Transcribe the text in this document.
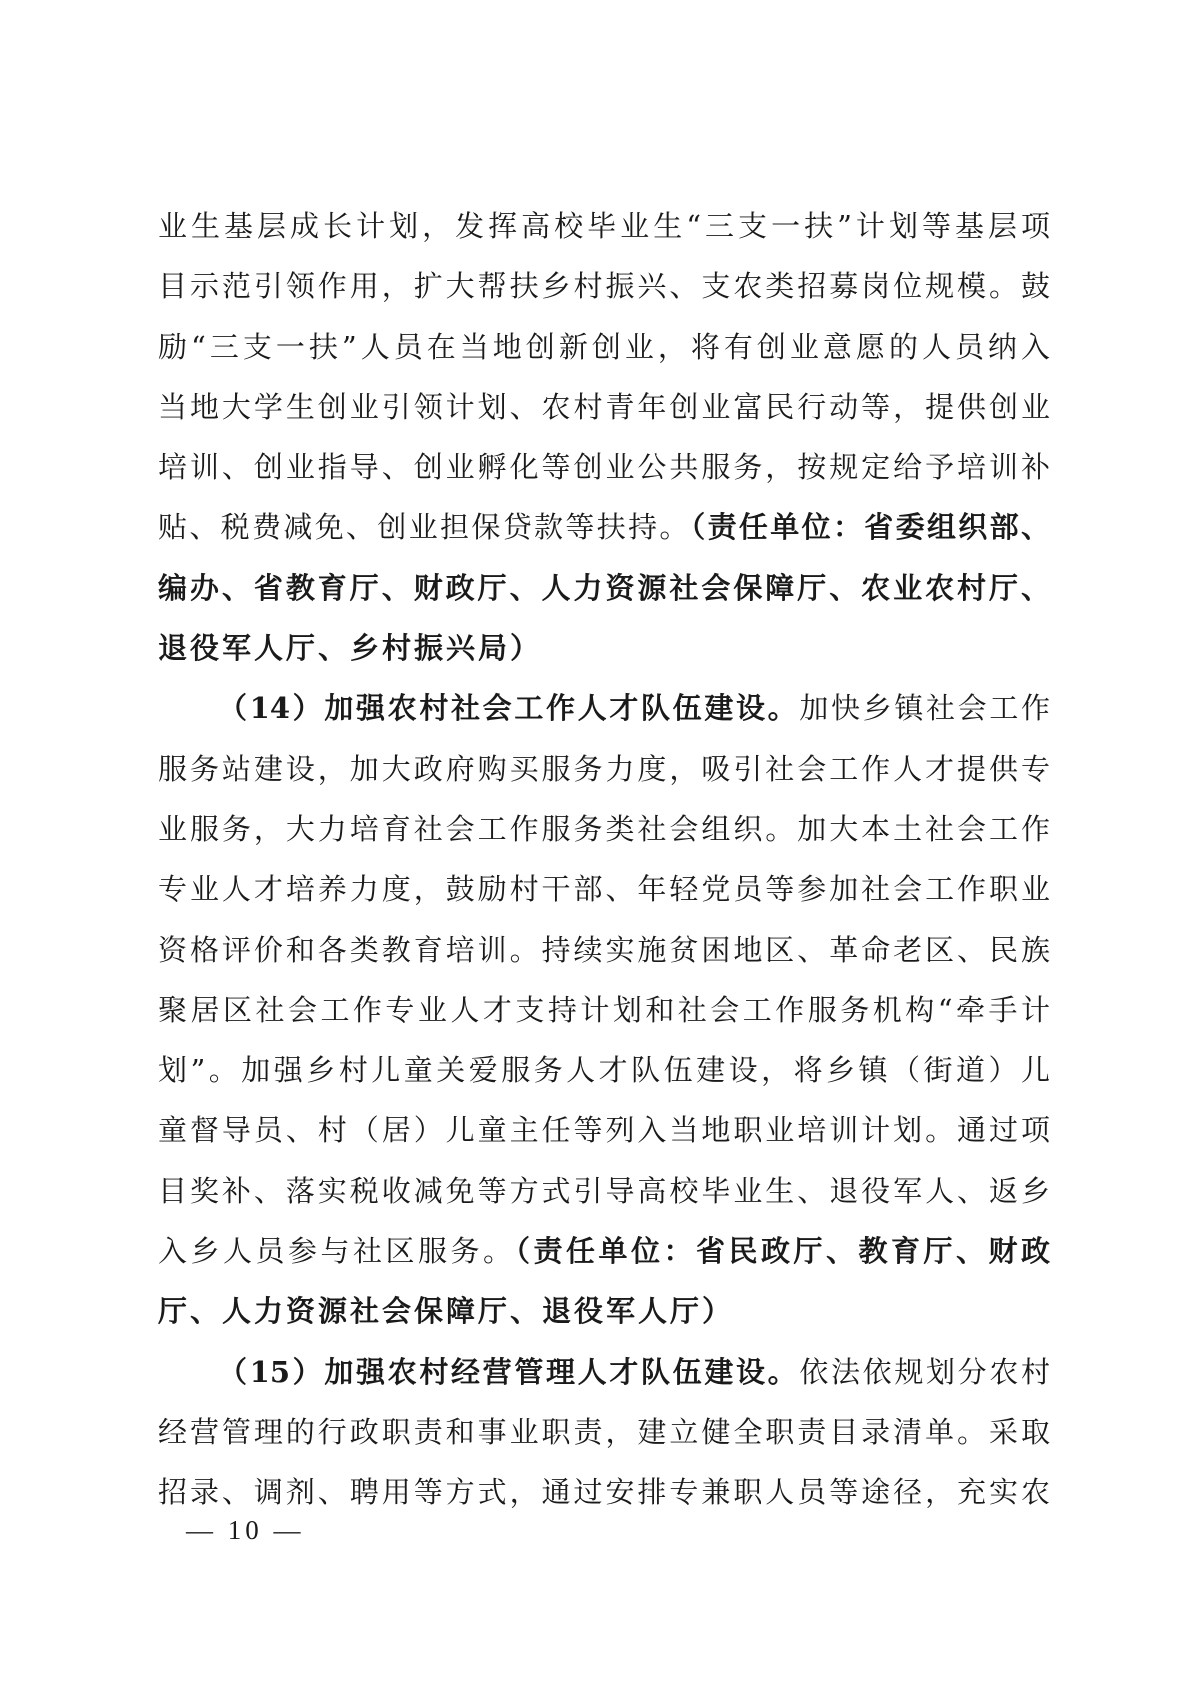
业生基层成长计划，发挥高校毕业生“三支一扶”计划等基层项
目示范引领作用，扩大帮扶乡村振兴、支农类招募岗位规模。鼓
励“三支一扶”人员在当地创新创业，将有创业意愿的人员纳入
当地大学生创业引领计划、农村青年创业富民行动等，提供创业
培训、创业指导、创业孵化等创业公共服务，按规定给予培训补
贴、税费减免、创业担保贷款等扶持。（责任单位：省委组织部、
编办、省教育厅、财政厅、人力资源社会保障厅、农业农村厅、
退役军人厅、乡村振兴局）
（14）加强农村社会工作人才队伍建设。加快乡镇社会工作
服务站建设，加大政府购买服务力度，吸引社会工作人才提供专
业服务，大力培育社会工作服务类社会组织。加大本土社会工作
专业人才培养力度，鼓励村干部、年轻党员等参加社会工作职业
资格评价和各类教育培训。持续实施贫困地区、革命老区、民族
聚居区社会工作专业人才支持计划和社会工作服务机构“牵手计
划”。加强乡村儿童关爱服务人才队伍建设，将乡镇（街道）儿
童督导员、村（居）儿童主任等列入当地职业培训计划。通过项
目奖补、落实税收减免等方式引导高校毕业生、退役军人、返乡
入乡人员参与社区服务。（责任单位：省民政厅、教育厅、财政
厅、人力资源社会保障厅、退役军人厅）
（15）加强农村经营管理人才队伍建设。依法依规划分农村
经营管理的行政职责和事业职责，建立健全职责目录清单。采取
招录、调剂、聘用等方式，通过安排专兼职人员等途径，充实农
— 10 —
